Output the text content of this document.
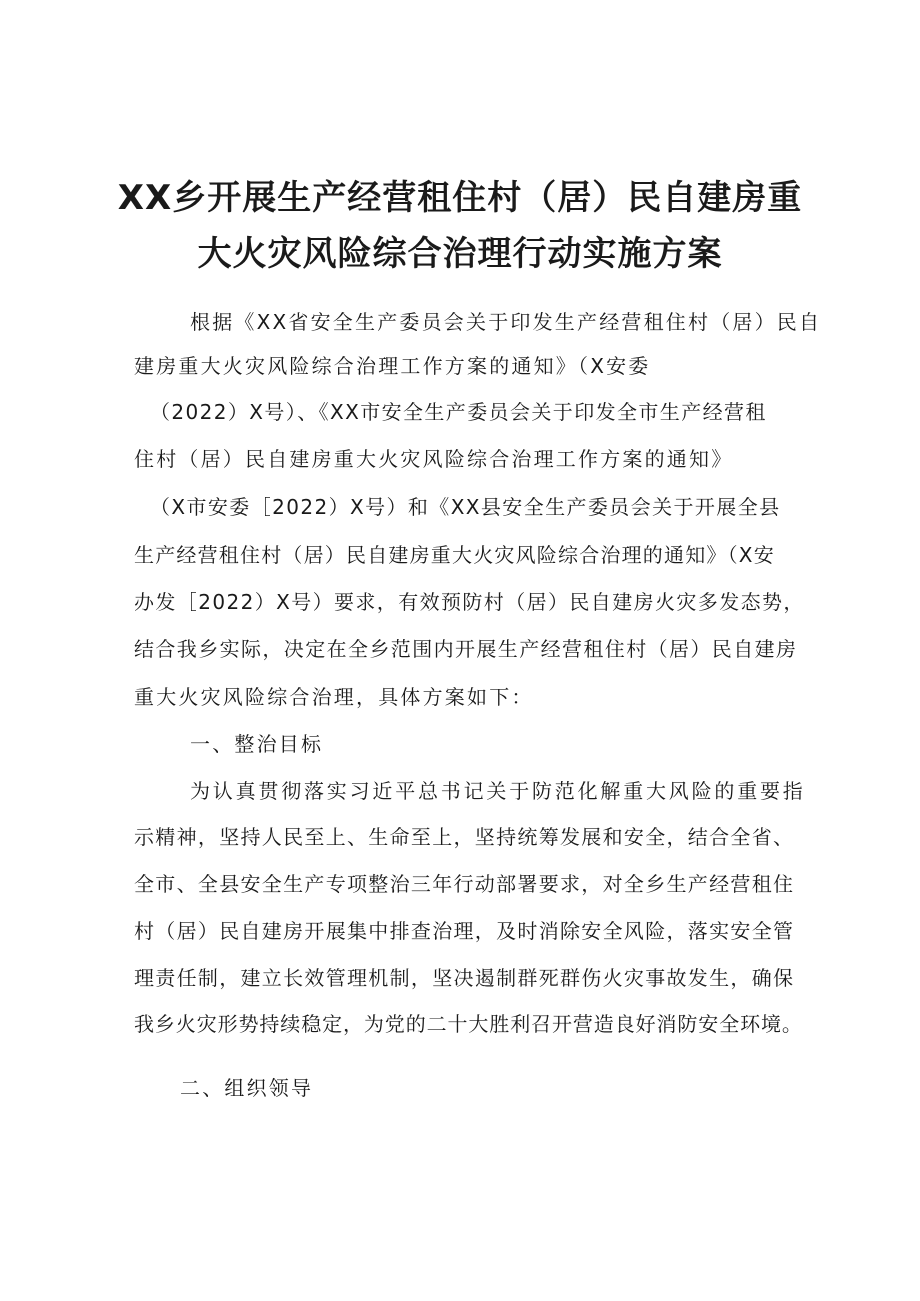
XX乡开展生产经营租住村（居）民自建房重
大火灾风险综合治理行动实施方案
根据《XX省安全生产委员会关于印发生产经营租住村（居）民自
建房重大火灾风险综合治理工作方案的通知》（X安委
（2022）X号）、《XX市安全生产委员会关于印发全市生产经营租
住村（居）民自建房重大火灾风险综合治理工作方案的通知》
（X市安委［2022）X号）和《XX县安全生产委员会关于开展全县
生产经营租住村（居）民自建房重大火灾风险综合治理的通知》（X安
办发［2022）X号）要求，有效预防村（居）民自建房火灾多发态势，
结合我乡实际，决定在全乡范围内开展生产经营租住村（居）民自建房
重大火灾风险综合治理，具体方案如下：
一、整治目标
为认真贯彻落实习近平总书记关于防范化解重大风险的重要指
示精神，坚持人民至上、生命至上，坚持统筹发展和安全，结合全省、
全市、全县安全生产专项整治三年行动部署要求，对全乡生产经营租住
村（居）民自建房开展集中排查治理，及时消除安全风险，落实安全管
理责任制，建立长效管理机制，坚决遏制群死群伤火灾事故发生，确保
我乡火灾形势持续稳定，为党的二十大胜利召开营造良好消防安全环境。
二、组织领导
